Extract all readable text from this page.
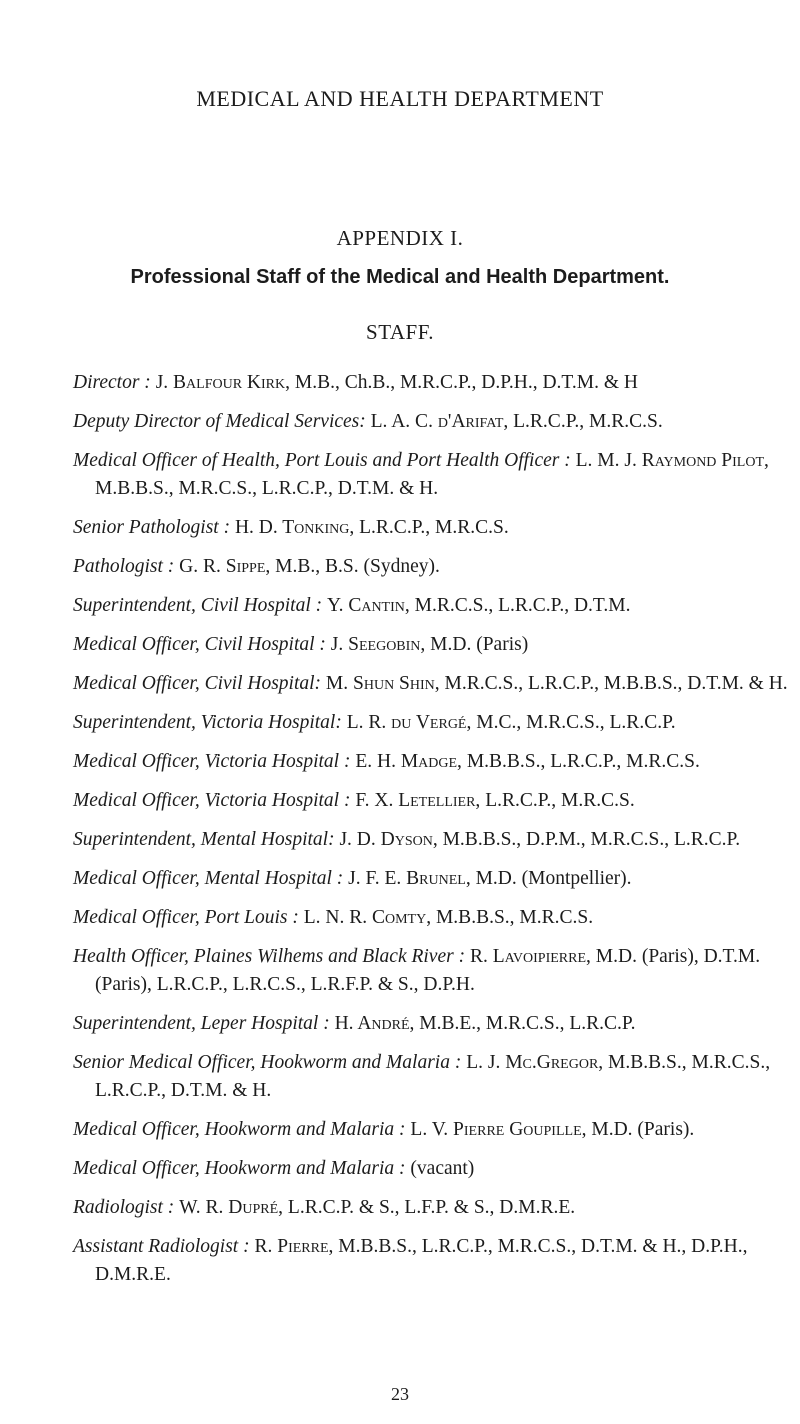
MEDICAL AND HEALTH DEPARTMENT
APPENDIX I.
Professional Staff of the Medical and Health Department.
STAFF.
Director : J. Balfour Kirk, M.B., Ch.B., M.R.C.P., D.P.H., D.T.M. & H
Deputy Director of Medical Services: L. A. C. d'Arifat, L.R.C.P., M.R.C.S.
Medical Officer of Health, Port Louis and Port Health Officer : L. M. J. Raymond Pilot, M.B.B.S., M.R.C.S., L.R.C.P., D.T.M. & H.
Senior Pathologist : H. D. Tonking, L.R.C.P., M.R.C.S.
Pathologist : G. R. Sippe, M.B., B.S. (Sydney).
Superintendent, Civil Hospital : Y. Cantin, M.R.C.S., L.R.C.P., D.T.M.
Medical Officer, Civil Hospital : J. Seegobin, M.D. (Paris)
Medical Officer, Civil Hospital: M. Shun Shin, M.R.C.S., L.R.C.P., M.B.B.S., D.T.M. & H.
Superintendent, Victoria Hospital: L. R. du Vergé, M.C., M.R.C.S., L.R.C.P.
Medical Officer, Victoria Hospital : E. H. Madge, M.B.B.S., L.R.C.P., M.R.C.S.
Medical Officer, Victoria Hospital : F. X. Letellier, L.R.C.P., M.R.C.S.
Superintendent, Mental Hospital: J. D. Dyson, M.B.B.S., D.P.M., M.R.C.S., L.R.C.P.
Medical Officer, Mental Hospital : J. F. E. Brunel, M.D. (Montpellier).
Medical Officer, Port Louis : L. N. R. Comty, M.B.B.S., M.R.C.S.
Health Officer, Plaines Wilhems and Black River : R. Lavoipierre, M.D. (Paris), D.T.M. (Paris), L.R.C.P., L.R.C.S., L.R.F.P. & S., D.P.H.
Superintendent, Leper Hospital : H. André, M.B.E., M.R.C.S., L.R.C.P.
Senior Medical Officer, Hookworm and Malaria : L. J. Mc.Gregor, M.B.B.S., M.R.C.S., L.R.C.P., D.T.M. & H.
Medical Officer, Hookworm and Malaria : L. V. Pierre Goupille, M.D. (Paris).
Medical Officer, Hookworm and Malaria : (vacant)
Radiologist : W. R. Dupré, L.R.C.P. & S., L.F.P. & S., D.M.R.E.
Assistant Radiologist : R. Pierre, M.B.B.S., L.R.C.P., M.R.C.S., D.T.M. & H., D.P.H., D.M.R.E.
23
